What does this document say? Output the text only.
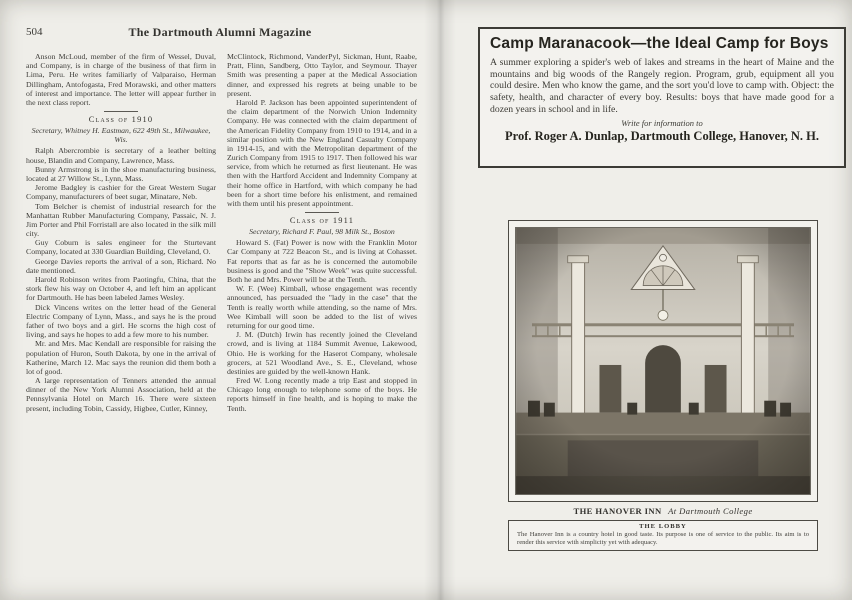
504	The Dartmouth Alumni Magazine

Anson McLoud, member of the firm of Wessel, Duval, and Company, is in charge of the business of that firm in Lima, Peru. He writes familiarly of Valparaiso, Herman Dillingham, Antofogasta, Fred Morawski, and other matters of interest and importance. The letter will appear further in the next class report.

Class of 1910

Secretary, Whitney H. Eastman, 622 49th St., Milwaukee, Wis.

Ralph Abercrombie is secretary of a leather belting house, Blandin and Company, Lawrence, Mass.

Bunny Armstrong is in the shoe manufacturing business, located at 27 Willow St., Lynn, Mass.

Jerome Badgley is cashier for the Great Western Sugar Company, manufacturers of beet sugar, Minatare, Neb.

Tom Belcher is chemist of industrial research for the Manhattan Rubber Manufacturing Company, Passaic, N. J. Jim Porter and Phil Forristall are also located in the silk mill city.

Guy Coburn is sales engineer for the Sturtevant Company, located at 330 Guardian Building, Cleveland, O.

George Davies reports the arrival of a son, Richard. No date mentioned.

Harold Robinson writes from Paotingfu, China, that the stork flew his way on October 4, and left him an applicant for Dartmouth. He has been labeled James Wesley.

Dick Vincens writes on the letter head of the General Electric Company of Lynn, Mass., and says he is the proud father of two boys and a girl. He scorns the high cost of living, and says he hopes to add a few more to his number.

Mr. and Mrs. Mac Kendall are responsible for raising the population of Huron, South Dakota, by one in the arrival of Katherine, March 12. Mac says the reunion did them both a lot of good.

A large representation of Tenners attended the annual dinner of the New York Alumni Association, held at the Pennsylvania Hotel on March 16. There were sixteen present, including Tobin, Cassidy, Higbee, Cutler, Kinney,

McClintock, Richmond, VanderPyl, Sickman, Hunt, Raabe, Pratt, Flinn, Sandberg, Otto Taylor, and Seymour. Thayer Smith was presenting a paper at the Medical Association dinner, and expressed his regrets at being unable to be present.

Harold P. Jackson has been appointed superintendent of the claim department of the Norwich Union Indemnity Company. He was connected with the claim department of the American Fidelity Company from 1910 to 1914, and in a similar position with the New England Casualty Company in 1914-15, and with the Metropolitan department of the Zurich Company from 1915 to 1917. Then followed his war service, from which he returned as first lieutenant. He was then with the Hartford Accident and Indemnity Company at their home office in Hartford, with which company he had been for a short time before his enlistment, and remained with them until his present appointment.

Class of 1911

Secretary, Richard F. Paul, 98 Milk St., Boston

Howard S. (Fat) Power is now with the Franklin Motor Car Company at 722 Beacon St., and is living at Cohasset. Fat reports that as far as he is concerned the automobile business is good and the "Show Week" was quite successful. Both he and Mrs. Power will be at the Tenth.

W. F. (Wee) Kimball, whose engagement was recently announced, has persuaded the "lady in the case" that the Tenth is really worth while attending, so the name of Mrs. Wee Kimball will soon be added to the list of wives returning for our good time.

J. M. (Dutch) Irwin has recently joined the Cleveland crowd, and is living at 1184 Summit Avenue, Lakewood, Ohio. He is working for the Haserot Company, wholesale grocers, at 521 Woodland Ave., S. E., Cleveland, whose destinies are guided by the well-known Hank.

Fred W. Long recently made a trip East and stopped in Chicago long enough to telephone some of the boys. He reports himself in fine health, and is hoping to make the Tenth.

Camp Maranacook—the Ideal Camp for Boys
A summer exploring a spider's web of lakes and streams in the heart of Maine and the mountains and big woods of the Rangely region. Program, grub, equipment all you could desire. Men who know the game, and the sort you'd love to camp with. Object: the safety, health, and character of every boy. Results: boys that have made good for a dozen years in school and in life.
Write for information to
Prof. Roger A. Dunlap, Dartmouth College, Hanover, N. H.
THE HANOVER INN At Dartmouth College
THE LOBBY
The Hanover Inn is a country hotel in good taste. Its purpose is one of service to the public. Its aim is to render this service with simplicity yet with adequacy.
